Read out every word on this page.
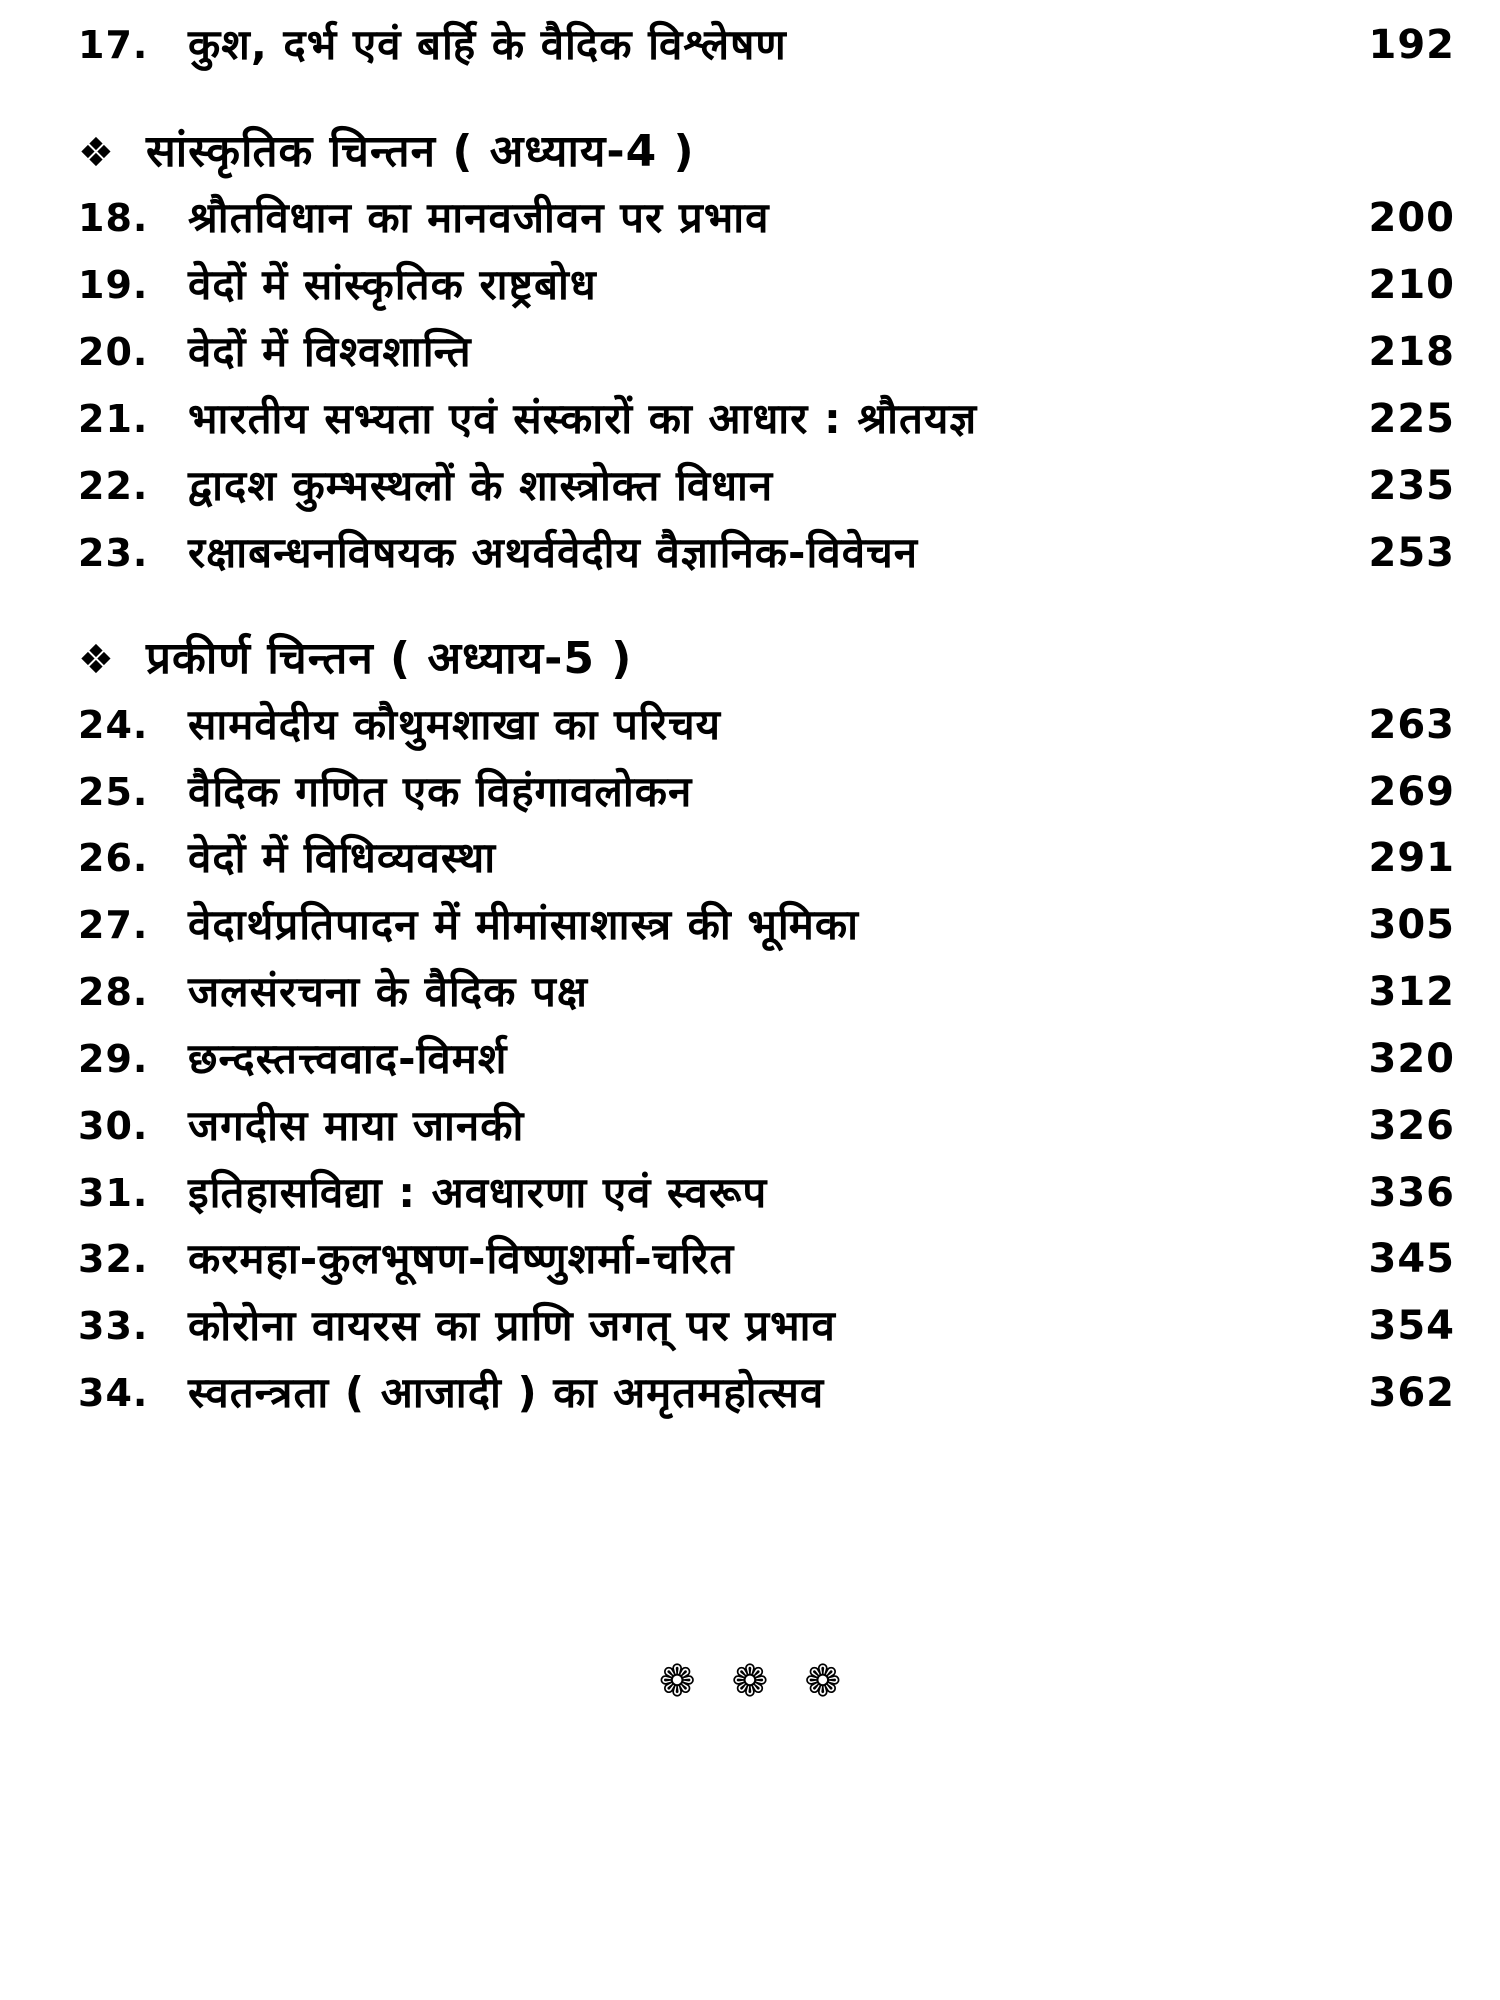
17. कुश, दर्भ एवं बर्हि के वैदिक विश्लेषण	192
❖ सांस्कृतिक चिन्तन ( अध्याय-4 )
18. श्रौतविधान का मानवजीवन पर प्रभाव	200
19. वेदों में सांस्कृतिक राष्ट्रबोध	210
20. वेदों में विश्वशान्ति	218
21. भारतीय सभ्यता एवं संस्कारों का आधार : श्रौतयज्ञ	225
22. द्वादश कुम्भस्थलों के शास्त्रोक्त विधान	235
23. रक्षाबन्धनविषयक अथर्ववेदीय वैज्ञानिक-विवेचन	253
❖ प्रकीर्ण चिन्तन ( अध्याय-5 )
24. सामवेदीय कौथुमशाखा का परिचय	263
25. वैदिक गणित एक विहंगावलोकन	269
26. वेदों में विधिव्यवस्था	291
27. वेदार्थप्रतिपादन में मीमांसाशास्त्र की भूमिका	305
28. जलसंरचना के वैदिक पक्ष	312
29. छन्दस्तत्त्ववाद-विमर्श	320
30. जगदीस माया जानकी	326
31. इतिहासविद्या : अवधारणा एवं स्वरूप	336
32. करमहा-कुलभूषण-विष्णुशर्मा-चरित	345
33. कोरोना वायरस का प्राणि जगत् पर प्रभाव	354
34. स्वतन्त्रता ( आजादी ) का अमृतमहोत्सव	362
❁❁❁
